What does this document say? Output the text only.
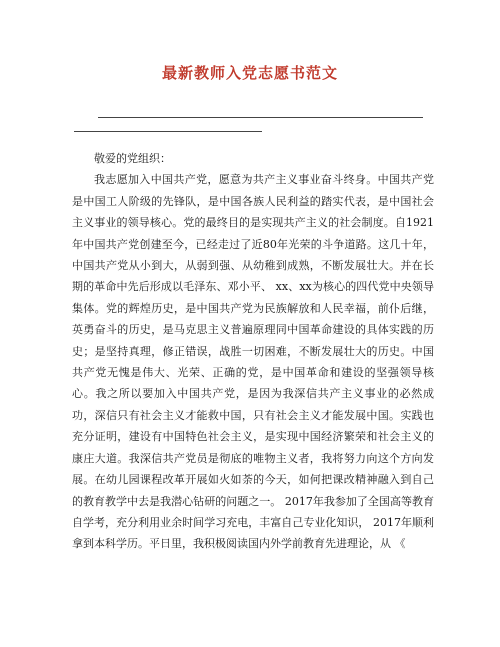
最新教师入党志愿书范文

敬爱的党组织：

我志愿加入中国共产党，愿意为共产主义事业奋斗终身。中国共产党是中国工人阶级的先锋队，是中国各族人民利益的踏实代表，是中国社会主义事业的领导核心。党的最终目的是实现共产主义的社会制度。自1921年中国共产党创建至今，已经走过了近80年光荣的斗争道路。这几十年，中国共产党从小到大，从弱到强、从幼稚到成熟，不断发展壮大。并在长期的革命中先后形成以毛泽东、邓小平、 xx、xx为核心的四代党中央领导集体。党的辉煌历史，是中国共产党为民族解放和人民幸福，前仆后继，英勇奋斗的历史，是马克思主义普遍原理同中国革命建设的具体实践的历史；是坚持真理，修正错误，战胜一切困难，不断发展壮大的历史。中国共产党无愧是伟大、光荣、正确的党，是中国革命和建设的坚强领导核心。我之所以要加入中国共产党，是因为我深信共产主义事业的必然成功，深信只有社会主义才能救中国，只有社会主义才能发展中国。实践也充分证明，建设有中国特色社会主义，是实现中国经济繁荣和社会主义的康庄大道。我深信共产党员是彻底的唯物主义者，我将努力向这个方向发展。在幼儿园课程改革开展如火如荼的今天，如何把课改精神融入到自己的教育教学中去是我潜心钻研的问题之一。 2017年我参加了全国高等教育自学考，充分利用业余时间学习充电，丰富自己专业化知识， 2017年顺利拿到本科学历。平日里，我积极阅读国内外学前教育先进理论，从 《
